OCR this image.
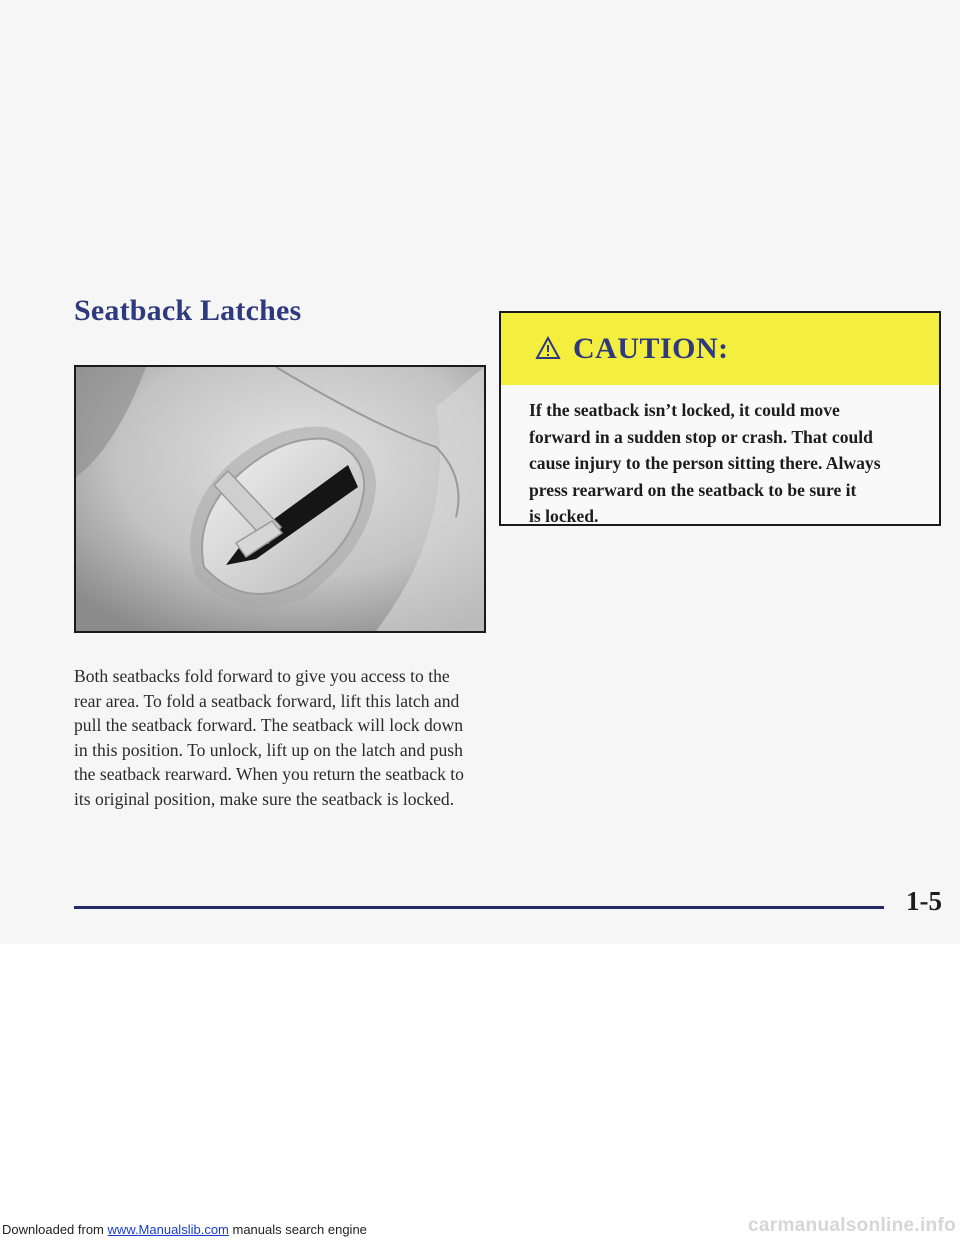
Seatback Latches
Both seatbacks fold forward to give you access to the
rear area. To fold a seatback forward, lift this latch and
pull the seatback forward. The seatback will lock down
in this position. To unlock, lift up on the latch and push
the seatback rearward. When you return the seatback to
its original position, make sure the seatback is locked.
CAUTION:
If the seatback isn’t locked, it could move
forward in a sudden stop or crash. That could
cause injury to the person sitting there. Always
press rearward on the seatback to be sure it
is locked.
1-5
Downloaded from www.Manualslib.com manuals search engine	carmanualsonline.info
